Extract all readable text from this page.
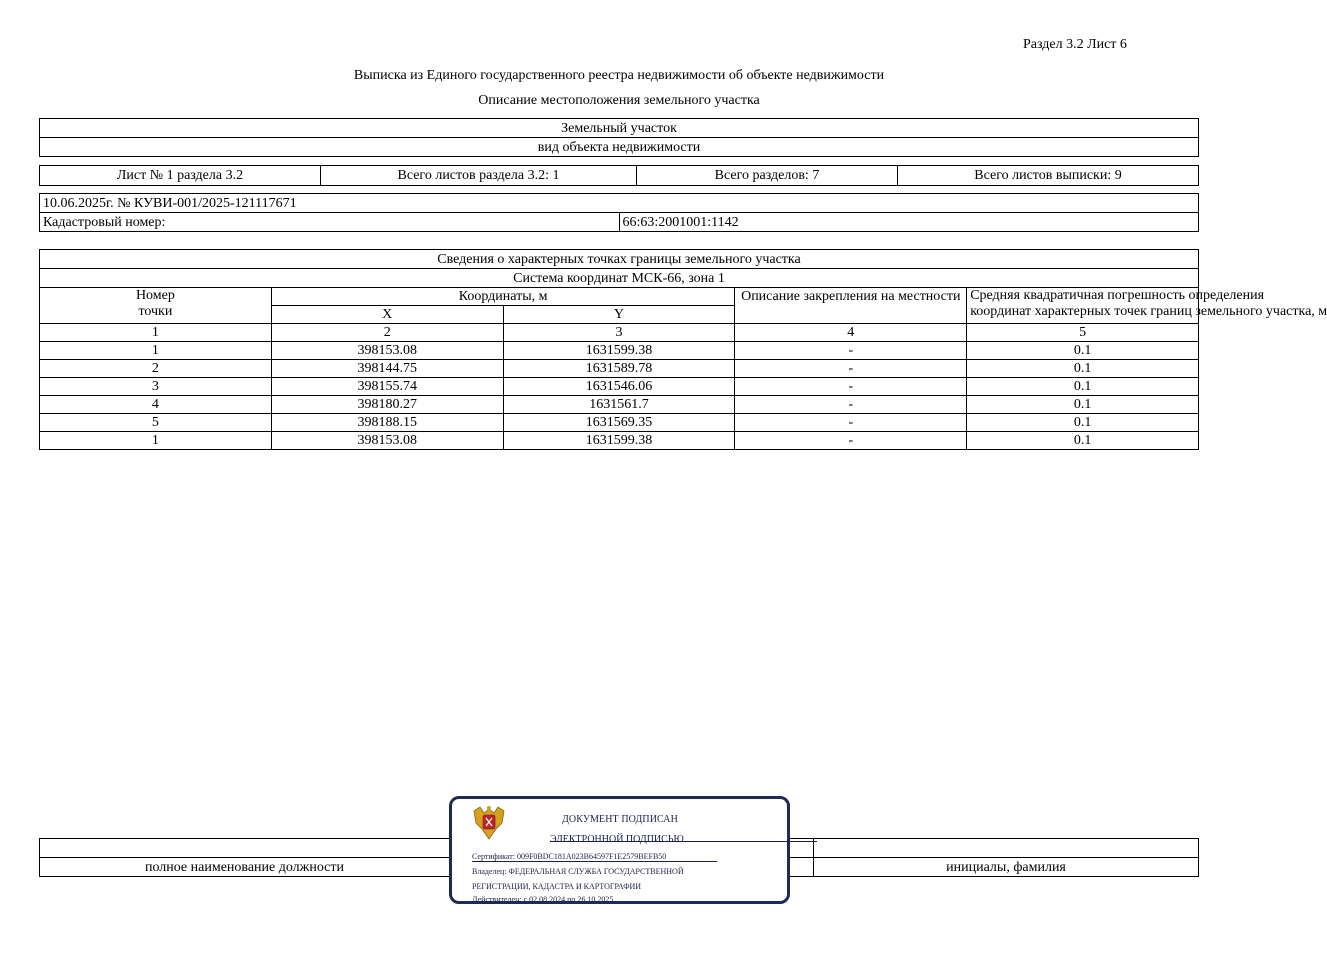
Раздел 3.2 Лист 6
Выписка из Единого государственного реестра недвижимости об объекте недвижимости
Описание местоположения земельного участка
Земельный участок
вид объекта недвижимости
Лист № 1 раздела 3.2	Всего листов раздела 3.2: 1	Всего разделов: 7	Всего листов выписки: 9
10.06.2025г. № КУВИ-001/2025-121117671
Кадастровый номер:	66:63:2001001:1142
Сведения о характерных точках границы земельного участка				
Система координат МСК-66, зона 1				
Номер
точки	Координаты, м		Описание закрепления на местности	Средняя квадратичная погрешность определения
координат характерных точек границ земельного участка, м
	X	Y		
1	2	3	4	5
1	398153.08	1631599.38	-	0.1
2	398144.75	1631589.78	-	0.1
3	398155.74	1631546.06	-	0.1
4	398180.27	1631561.7	-	0.1
5	398188.15	1631569.35	-	0.1
1	398153.08	1631599.38	-	0.1

полное наименование должности		инициалы, фамилия
ДОКУМЕНТ ПОДПИСАН
ЭЛЕКТРОННОЙ ПОДПИСЬЮ
Сертификат: 009F0BDC181A023B64597F1E2579BEFB50
Владелец: ФЕДЕРАЛЬНАЯ СЛУЖБА ГОСУДАРСТВЕННОЙ
РЕГИСТРАЦИИ, КАДАСТРА И КАРТОГРАФИИ
Действителен: с 02.08.2024 по 26.10.2025
